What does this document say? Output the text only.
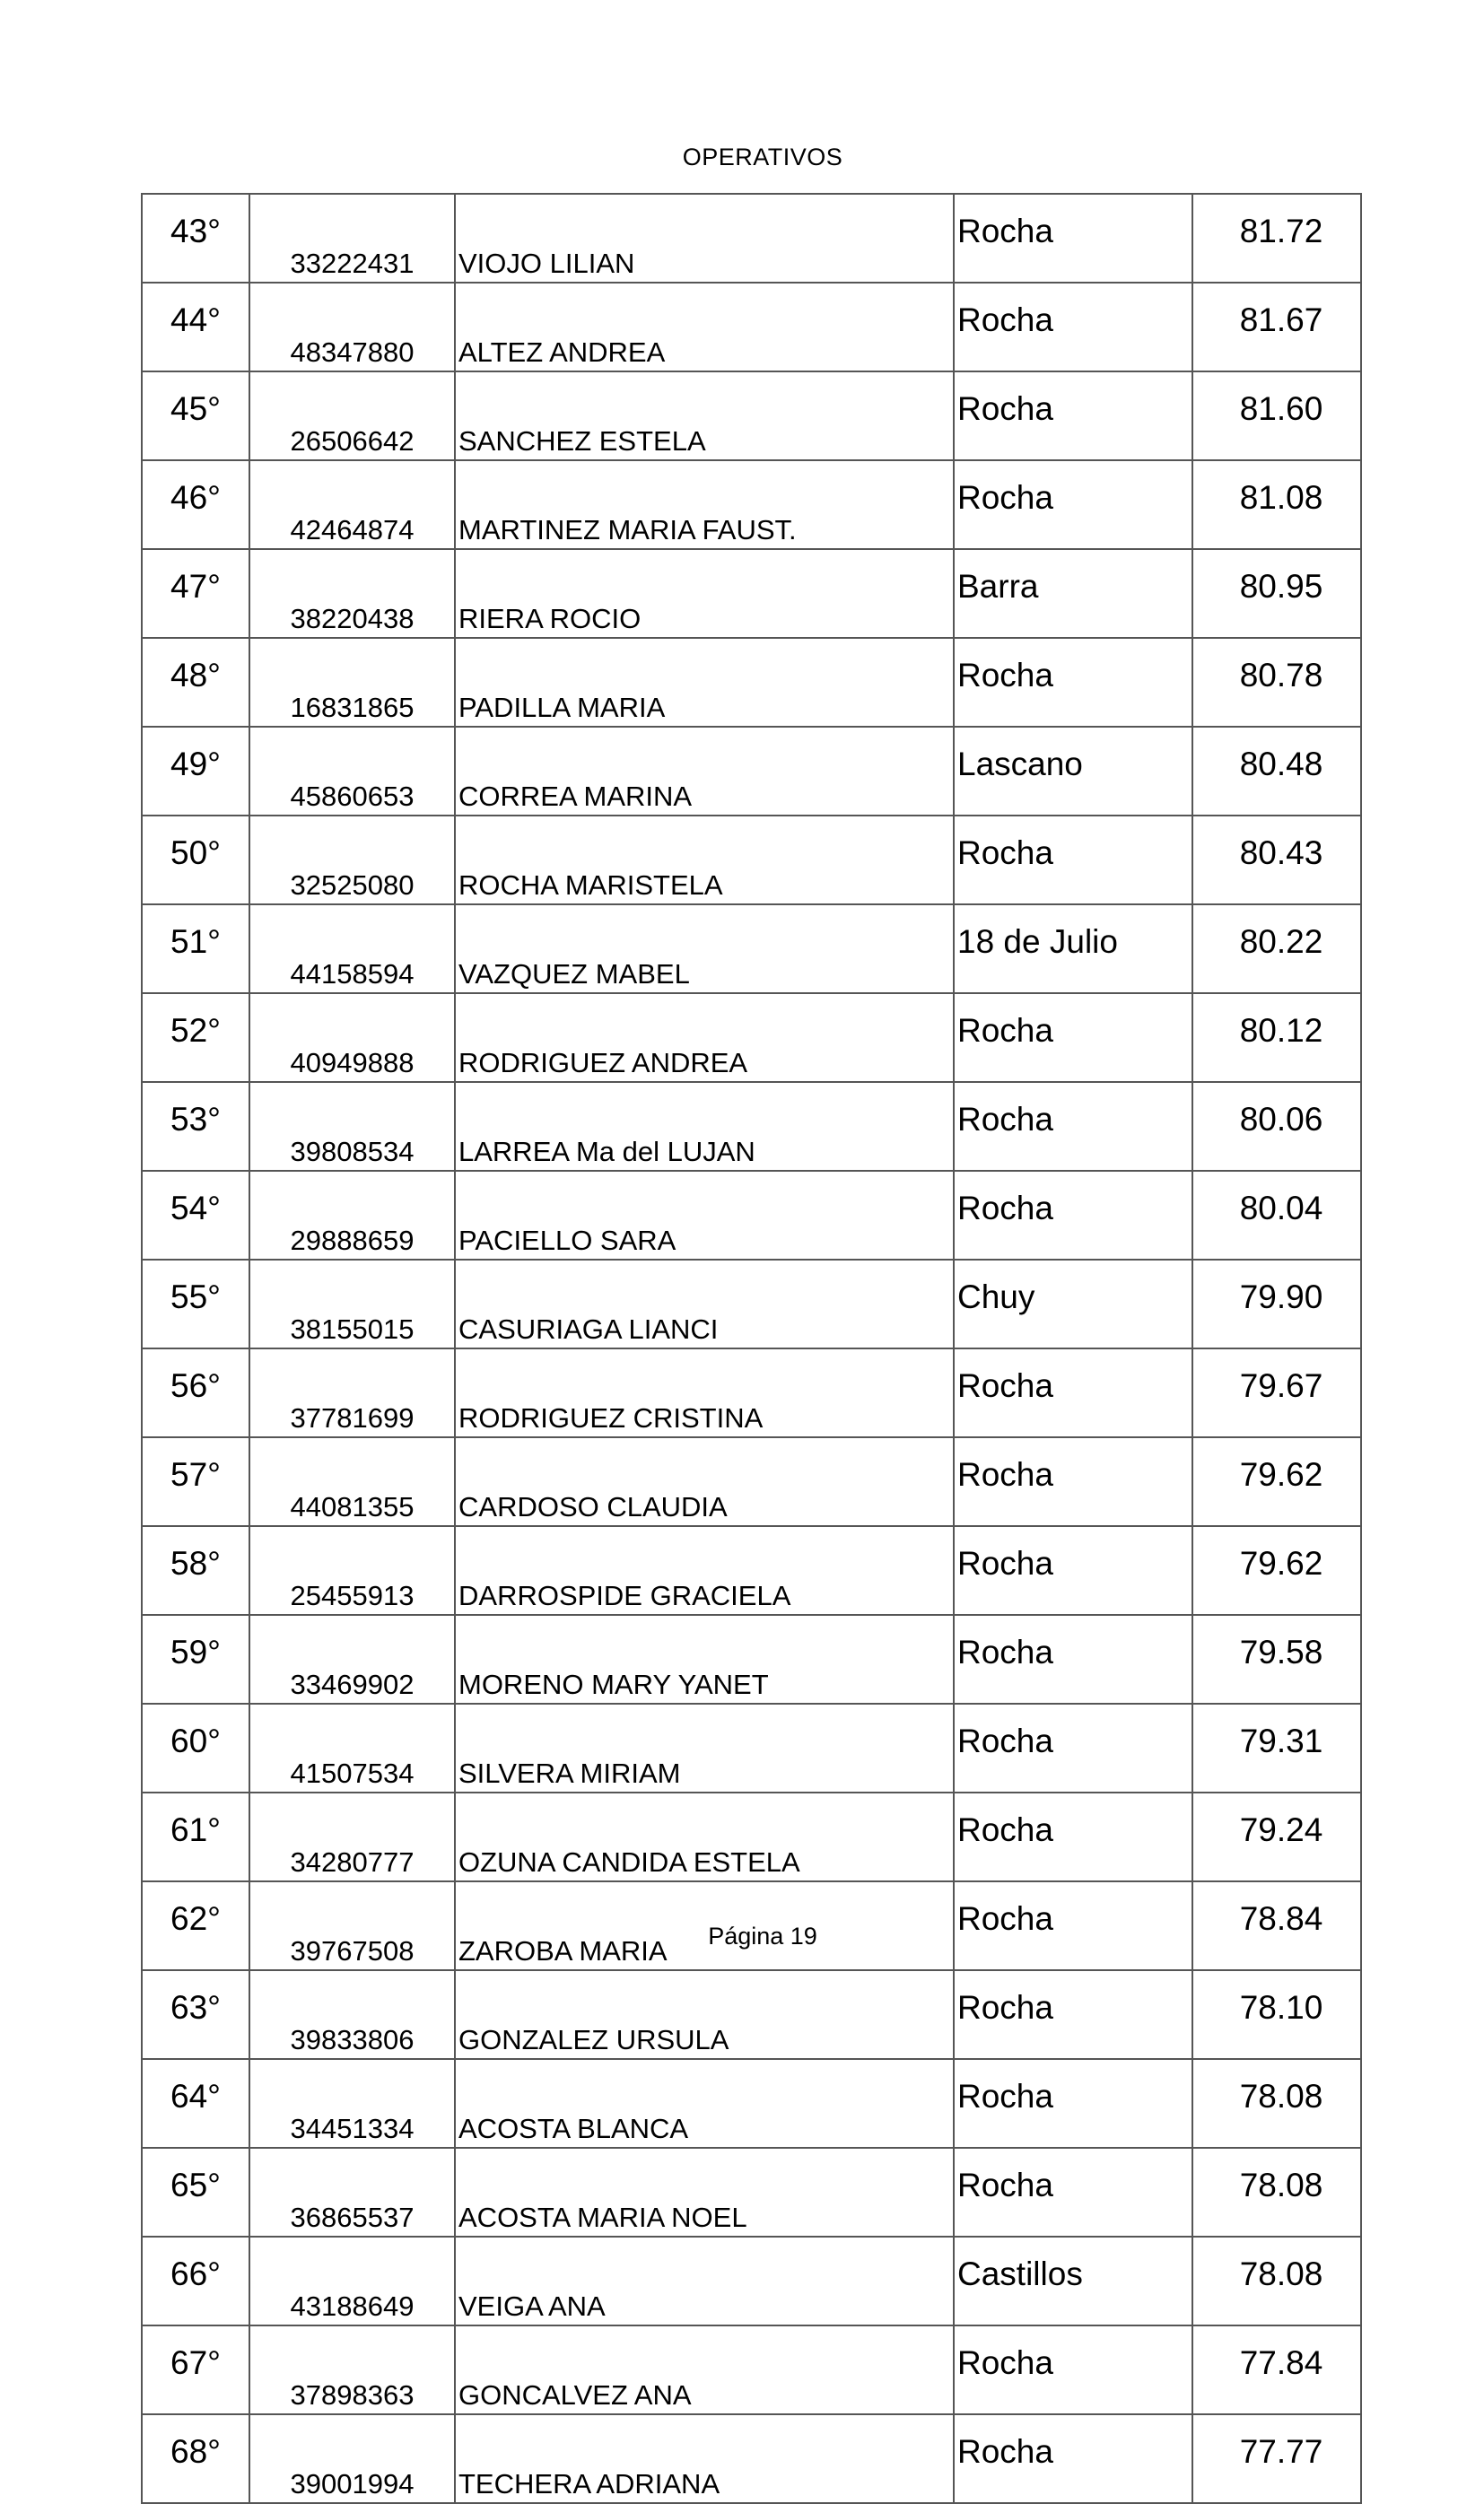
OPERATIVOS
43°	33222431	VIOJO LILIAN	Rocha	81.72
44°	48347880	ALTEZ ANDREA	Rocha	81.67
45°	26506642	SANCHEZ ESTELA	Rocha	81.60
46°	42464874	MARTINEZ MARIA FAUST.	Rocha	81.08
47°	38220438	RIERA ROCIO	Barra	80.95
48°	16831865	PADILLA MARIA	Rocha	80.78
49°	45860653	CORREA MARINA	Lascano	80.48
50°	32525080	ROCHA MARISTELA	Rocha	80.43
51°	44158594	VAZQUEZ MABEL	18 de Julio	80.22
52°	40949888	RODRIGUEZ ANDREA	Rocha	80.12
53°	39808534	LARREA Ma del LUJAN	Rocha	80.06
54°	29888659	PACIELLO SARA	Rocha	80.04
55°	38155015	CASURIAGA LIANCI	Chuy	79.90
56°	37781699	RODRIGUEZ CRISTINA	Rocha	79.67
57°	44081355	CARDOSO CLAUDIA	Rocha	79.62
58°	25455913	DARROSPIDE GRACIELA	Rocha	79.62
59°	33469902	MORENO MARY YANET	Rocha	79.58
60°	41507534	SILVERA MIRIAM	Rocha	79.31
61°	34280777	OZUNA CANDIDA ESTELA	Rocha	79.24
62°	39767508	ZAROBA MARIA	Rocha	78.84
63°	39833806	GONZALEZ URSULA	Rocha	78.10
64°	34451334	ACOSTA BLANCA	Rocha	78.08
65°	36865537	ACOSTA MARIA NOEL	Rocha	78.08
66°	43188649	VEIGA ANA	Castillos	78.08
67°	37898363	GONCALVEZ ANA	Rocha	77.84
68°	39001994	TECHERA ADRIANA	Rocha	77.77
Página 19
